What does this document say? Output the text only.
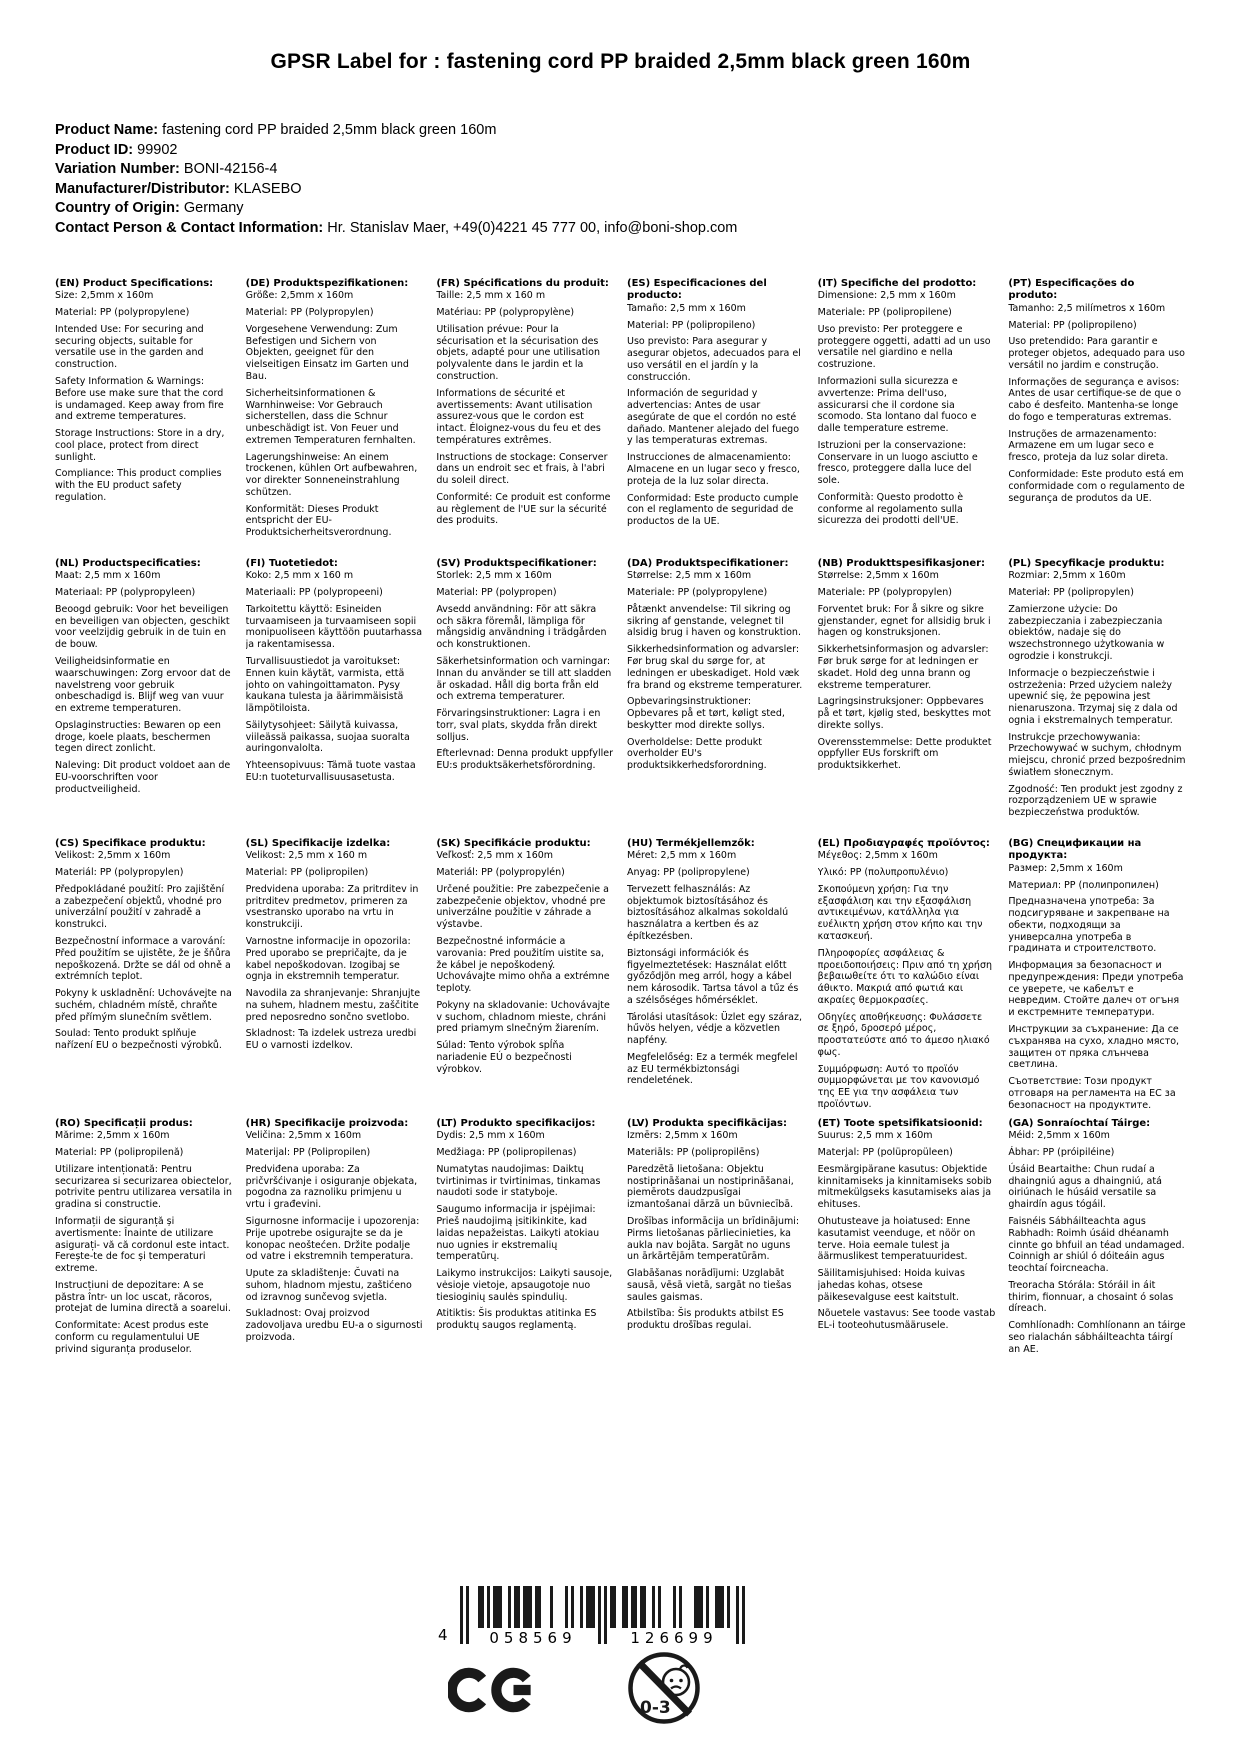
GPSR Label for : fastening cord PP braided 2,5mm black green 160m
Product Name: fastening cord PP braided 2,5mm black green 160m
Product ID: 99902
Variation Number: BONI-42156-4
Manufacturer/Distributor: KLASEBO
Country of Origin: Germany
Contact Person & Contact Information: Hr. Stanislav Maer, +49(0)4221 45 777 00, info@boni-shop.com
(EN) Product Specifications:

Size: 2,5mm x 160m

Material: PP (polypropylene)

Intended Use: For securing and securing objects, suitable for versatile use in the garden and construction.

Safety Information & Warnings: Before use make sure that the cord is undamaged. Keep away from fire and extreme temperatures.

Storage Instructions: Store in a dry, cool place, protect from direct sunlight.

Compliance: This product complies with the EU product safety regulation.

(DE) Produktspezifikationen:

Größe: 2,5mm x 160m

Material: PP (Polypropylen)

Vorgesehene Verwendung: Zum Befestigen und Sichern von Objekten, geeignet für den vielseitigen Einsatz im Garten und Bau.

Sicherheitsinformationen & Warnhinweise: Vor Gebrauch sicherstellen, dass die Schnur unbeschädigt ist. Von Feuer und extremen Temperaturen fernhalten.

Lagerungshinweise: An einem trockenen, kühlen Ort aufbewahren, vor direkter Sonneneinstrahlung schützen.

Konformität: Dieses Produkt entspricht der EU-Produktsicherheitsverordnung.

(FR) Spécifications du produit:

Taille: 2,5 mm x 160 m

Matériau: PP (polypropylène)

Utilisation prévue: Pour la sécurisation et la sécurisation des objets, adapté pour une utilisation polyvalente dans le jardin et la construction.

Informations de sécurité et avertissements: Avant utilisation assurez-vous que le cordon est intact. Éloignez-vous du feu et des températures extrêmes.

Instructions de stockage: Conserver dans un endroit sec et frais, à l'abri du soleil direct.

Conformité: Ce produit est conforme au règlement de l'UE sur la sécurité des produits.

(ES) Especificaciones del producto:

Tamaño: 2,5 mm x 160m

Material: PP (polipropileno)

Uso previsto: Para asegurar y asegurar objetos, adecuados para el uso versátil en el jardín y la construcción.

Información de seguridad y advertencias: Antes de usar asegúrate de que el cordón no esté dañado. Mantener alejado del fuego y las temperaturas extremas.

Instrucciones de almacenamiento: Almacene en un lugar seco y fresco, proteja de la luz solar directa.

Conformidad: Este producto cumple con el reglamento de seguridad de productos de la UE.

(IT) Specifiche del prodotto:

Dimensione: 2,5 mm x 160m

Materiale: PP (polipropilene)

Uso previsto: Per proteggere e proteggere oggetti, adatti ad un uso versatile nel giardino e nella costruzione.

Informazioni sulla sicurezza e avvertenze: Prima dell'uso, assicurarsi che il cordone sia scomodo. Sta lontano dal fuoco e dalle temperature estreme.

Istruzioni per la conservazione: Conservare in un luogo asciutto e fresco, proteggere dalla luce del sole.

Conformità: Questo prodotto è conforme al regolamento sulla sicurezza dei prodotti dell'UE.

(PT) Especificações do produto:

Tamanho: 2,5 milímetros x 160m

Material: PP (polipropileno)

Uso pretendido: Para garantir e proteger objetos, adequado para uso versátil no jardim e construção.

Informações de segurança e avisos: Antes de usar certifique-se de que o cabo é desfeito. Mantenha-se longe do fogo e temperaturas extremas.

Instruções de armazenamento: Armazene em um lugar seco e fresco, proteja da luz solar direta.

Conformidade: Este produto está em conformidade com o regulamento de segurança de produtos da UE.

(NL) Productspecificaties:

Maat: 2,5 mm x 160m

Materiaal: PP (polypropyleen)

Beoogd gebruik: Voor het beveiligen en beveiligen van objecten, geschikt voor veelzijdig gebruik in de tuin en de bouw.

Veiligheidsinformatie en waarschuwingen: Zorg ervoor dat de navelstreng voor gebruik onbeschadigd is. Blijf weg van vuur en extreme temperaturen.

Opslaginstructies: Bewaren op een droge, koele plaats, beschermen tegen direct zonlicht.

Naleving: Dit product voldoet aan de EU-voorschriften voor productveiligheid.

(FI) Tuotetiedot:

Koko: 2,5 mm x 160 m

Materiaali: PP (polypropeeni)

Tarkoitettu käyttö: Esineiden turvaamiseen ja turvaamiseen sopii monipuoliseen käyttöön puutarhassa ja rakentamisessa.

Turvallisuustiedot ja varoitukset: Ennen kuin käytät, varmista, että johto on vahingoittamaton. Pysy kaukana tulesta ja äärimmäisistä lämpötiloista.

Säilytysohjeet: Säilytä kuivassa, viileässä paikassa, suojaa suoralta auringonvalolta.

Yhteensopivuus: Tämä tuote vastaa EU:n tuoteturvallisuusasetusta.

(SV) Produktspecifikationer:

Storlek: 2,5 mm x 160m

Material: PP (polypropen)

Avsedd användning: För att säkra och säkra föremål, lämpliga för mångsidig användning i trädgården och konstruktionen.

Säkerhetsinformation och varningar: Innan du använder se till att sladden är oskadad. Håll dig borta från eld och extrema temperaturer.

Förvaringsinstruktioner: Lagra i en torr, sval plats, skydda från direkt solljus.

Efterlevnad: Denna produkt uppfyller EU:s produktsäkerhetsförordning.

(DA) Produktspecifikationer:

Størrelse: 2,5 mm x 160m

Materiale: PP (polypropylene)

Påtænkt anvendelse: Til sikring og sikring af genstande, velegnet til alsidig brug i haven og konstruktion.

Sikkerhedsinformation og advarsler: Før brug skal du sørge for, at ledningen er ubeskadiget. Hold væk fra brand og ekstreme temperaturer.

Opbevaringsinstruktioner: Opbevares på et tørt, køligt sted, beskytter mod direkte sollys.

Overholdelse: Dette produkt overholder EU's produktsikkerhedsforordning.

(NB) Produkttspesifikasjoner:

Størrelse: 2,5mm x 160m

Materiale: PP (polypropylen)

Forventet bruk: For å sikre og sikre gjenstander, egnet for allsidig bruk i hagen og konstruksjonen.

Sikkerhetsinformasjon og advarsler: Før bruk sørge for at ledningen er skadet. Hold deg unna brann og ekstreme temperaturer.

Lagringsinstruksjoner: Oppbevares på et tørt, kjølig sted, beskyttes mot direkte sollys.

Overensstemmelse: Dette produktet oppfyller EUs forskrift om produktsikkerhet.

(PL) Specyfikacje produktu:

Rozmiar: 2,5mm x 160m

Materiał: PP (polipropylen)

Zamierzone użycie: Do zabezpieczania i zabezpieczania obiektów, nadaje się do wszechstronnego użytkowania w ogrodzie i konstrukcji.

Informacje o bezpieczeństwie i ostrzeżenia: Przed użyciem należy upewnić się, że pępowina jest nienaruszona. Trzymaj się z dala od ognia i ekstremalnych temperatur.

Instrukcje przechowywania: Przechowywać w suchym, chłodnym miejscu, chronić przed bezpośrednim światłem słonecznym.

Zgodność: Ten produkt jest zgodny z rozporządzeniem UE w sprawie bezpieczeństwa produktów.

(CS) Specifikace produktu:

Velikost: 2,5mm x 160m

Materiál: PP (polypropylen)

Předpokládané použití: Pro zajištění a zabezpečení objektů, vhodné pro univerzální použití v zahradě a konstrukci.

Bezpečnostní informace a varování: Před použitím se ujistěte, že je šňůra nepoškozená. Držte se dál od ohně a extrémních teplot.

Pokyny k uskladnění: Uchovávejte na suchém, chladném místě, chraňte před přímým slunečním světlem.

Soulad: Tento produkt splňuje nařízení EU o bezpečnosti výrobků.

(SL) Specifikacije izdelka:

Velikost: 2,5 mm x 160 m

Material: PP (polipropilen)

Predvidena uporaba: Za pritrditev in pritrditev predmetov, primeren za vsestransko uporabo na vrtu in konstrukciji.

Varnostne informacije in opozorila: Pred uporabo se prepričajte, da je kabel nepoškodovan. Izogibaj se ognja in ekstremnih temperatur.

Navodila za shranjevanje: Shranjujte na suhem, hladnem mestu, zaščitite pred neposredno sončno svetlobo.

Skladnost: Ta izdelek ustreza uredbi EU o varnosti izdelkov.

(SK) Špecifikácie produktu:

Veľkosť: 2,5 mm x 160m

Materiál: PP (polypropylén)

Určené použitie: Pre zabezpečenie a zabezpečenie objektov, vhodné pre univerzálne použitie v záhrade a výstavbe.

Bezpečnostné informácie a varovania: Pred použitím uistite sa, že kábel je nepoškodený. Uchovávajte mimo ohňa a extrémne teploty.

Pokyny na skladovanie: Uchovávajte v suchom, chladnom mieste, chráni pred priamym slnečným žiarením.

Súlad: Tento výrobok spĺňa nariadenie EÚ o bezpečnosti výrobkov.

(HU) Termékjellemzők:

Méret: 2,5 mm x 160m

Anyag: PP (polipropylene)

Tervezett felhasználás: Az objektumok biztosításához és biztosításához alkalmas sokoldalú használatra a kertben és az építkezésben.

Biztonsági információk és figyelmeztetések: Használat előtt győződjön meg arról, hogy a kábel nem károsodik. Tartsa távol a tűz és a szélsőséges hőmérséklet.

Tárolási utasítások: Üzlet egy száraz, hűvös helyen, védje a közvetlen napfény.

Megfelelőség: Ez a termék megfelel az EU termékbiztonsági rendeletének.

(EL) Προδιαγραφές προϊόντος:

Μέγεθος: 2,5mm x 160m

Υλικό: PP (πολυπροπυλένιο)

Σκοπούμενη χρήση: Για την εξασφάλιση και την εξασφάλιση αντικειμένων, κατάλληλα για ευέλικτη χρήση στον κήπο και την κατασκευή.

Πληροφορίες ασφάλειας & προειδοποιήσεις: Πριν από τη χρήση βεβαιωθείτε ότι το καλώδιο είναι άθικτο. Μακριά από φωτιά και ακραίες θερμοκρασίες.

Οδηγίες αποθήκευσης: Φυλάσσετε σε ξηρό, δροσερό μέρος, προστατεύστε από το άμεσο ηλιακό φως.

Συμμόρφωση: Αυτό το προϊόν συμμορφώνεται με τον κανονισμό της ΕΕ για την ασφάλεια των προϊόντων.

(BG) Спецификации на продукта:

Размер: 2,5mm x 160m

Материал: PP (полипропилен)

Предназначена употреба: За подсигуряване и закрепване на обекти, подходящи за универсална употреба в градината и строителството.

Информация за безопасност и предупреждения: Преди употреба се уверете, че кабелът е невредим. Стойте далеч от огъня и екстремните температури.

Инструкции за съхранение: Да се съхранява на сухо, хладно място, защитен от пряка слънчева светлина.

Съответствие: Този продукт отговаря на регламента на ЕС за безопасност на продуктите.

(RO) Specificații produs:

Mărime: 2,5mm x 160m

Material: PP (polipropilenă)

Utilizare intenționată: Pentru securizarea si securizarea obiectelor, potrivite pentru utilizarea versatila in gradina si constructie.

Informații de siguranță și avertismente: Înainte de utilizare asigurați- vă că cordonul este intact. Ferește-te de foc și temperaturi extreme.

Instrucțiuni de depozitare: A se păstra într- un loc uscat, răcoros, protejat de lumina directă a soarelui.

Conformitate: Acest produs este conform cu regulamentului UE privind siguranța produselor.

(HR) Specifikacije proizvoda:

Veličina: 2,5mm x 160m

Materijal: PP (Polipropilen)

Predviđena uporaba: Za pričvršćivanje i osiguranje objekata, pogodna za raznoliku primjenu u vrtu i građevini.

Sigurnosne informacije i upozorenja: Prije upotrebe osigurajte se da je konopac neoštećen. Držite podalje od vatre i ekstremnih temperatura.

Upute za skladištenje: Čuvati na suhom, hladnom mjestu, zaštićeno od izravnog sunčevog svjetla.

Sukladnost: Ovaj proizvod zadovoljava uredbu EU-a o sigurnosti proizvoda.

(LT) Produkto specifikacijos:

Dydis: 2,5 mm x 160m

Medžiaga: PP (polipropilenas)

Numatytas naudojimas: Daiktų tvirtinimas ir tvirtinimas, tinkamas naudoti sode ir statyboje.

Saugumo informacija ir įspėjimai: Prieš naudojimą įsitikinkite, kad laidas nepažeistas. Laikyti atokiau nuo ugnies ir ekstremalių temperatūrų.

Laikymo instrukcijos: Laikyti sausoje, vėsioje vietoje, apsaugotoje nuo tiesioginių saulės spindulių.

Atitiktis: Šis produktas atitinka ES produktų saugos reglamentą.

(LV) Produkta specifikācijas:

Izmērs: 2,5mm x 160m

Materiāls: PP (polipropilēns)

Paredzētā lietošana: Objektu nostiprināšanai un nostiprināšanai, piemērots daudzpusīgai izmantošanai dārzā un būvniecībā.

Drošības informācija un brīdinājumi: Pirms lietošanas pārliecinieties, ka aukla nav bojāta. Sargāt no uguns un ārkārtējām temperatūrām.

Glabāšanas norādījumi: Uzglabāt sausā, vēsā vietā, sargāt no tiešas saules gaismas.

Atbilstība: Šis produkts atbilst ES produktu drošības regulai.

(ET) Toote spetsifikatsioonid:

Suurus: 2,5 mm x 160m

Materjal: PP (polüpropüleen)

Eesmärgipärane kasutus: Objektide kinnitamiseks ja kinnitamiseks sobib mitmekülgseks kasutamiseks aias ja ehituses.

Ohutusteave ja hoiatused: Enne kasutamist veenduge, et nöör on terve. Hoia eemale tulest ja äärmuslikest temperatuuridest.

Säilitamisjuhised: Hoida kuivas jahedas kohas, otsese päikesevalguse eest kaitstult.

Nõuetele vastavus: See toode vastab EL-i tooteohutusmäärusele.

(GA) Sonraíochtaí Táirge:

Méid: 2,5mm x 160m

Ábhar: PP (próipiléine)

Úsáid Beartaithe: Chun rudaí a dhaingniú agus a dhaingniú, atá oiriúnach le húsáid versatile sa ghairdín agus tógáil.

Faisnéis Sábháilteachta agus Rabhadh: Roimh úsáid dhéanamh cinnte go bhfuil an téad undamaged. Coinnigh ar shiúl ó dóiteáin agus teochtaí foircneacha.

Treoracha Stórála: Stóráil in áit thirim, fionnuar, a chosaint ó solas díreach.

Comhlíonadh: Comhlíonann an táirge seo rialachán sábháilteachta táirgí an AE.

4	058569	126699
0-3
